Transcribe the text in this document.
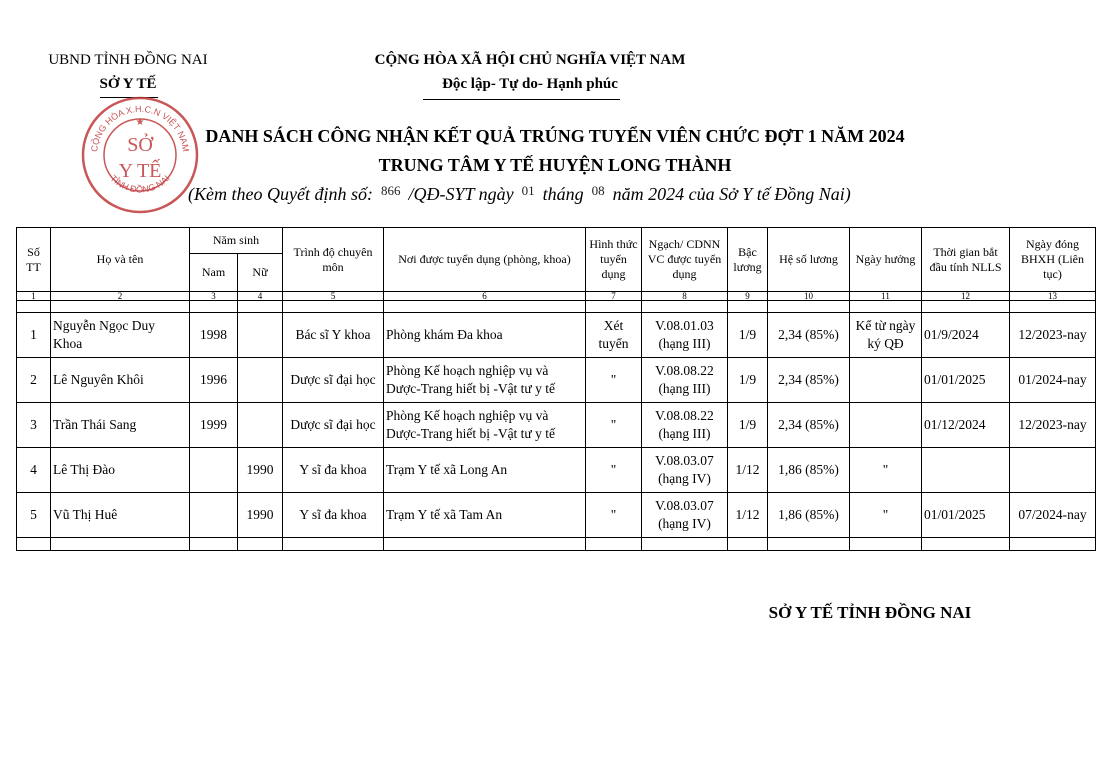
UBND TỈNH ĐỒNG NAI
SỞ Y TẾ
CỘNG HÒA XÃ HỘI CHỦ NGHĨA VIỆT NAM
Độc lập- Tự do- Hạnh phúc
CỘNG HÒA X.H.C.N VIỆT NAM
TỈNH ĐỒNG NAI
SỞ
Y TẾ
★
DANH SÁCH CÔNG NHẬN KẾT QUẢ TRÚNG TUYỂN VIÊN CHỨC ĐỢT 1 NĂM 2024
TRUNG TÂM Y TẾ HUYỆN LONG THÀNH
(Kèm theo Quyết định số: $^{866}$ /QĐ-SYT ngày $^{01}$ tháng $^{08}$ năm 2024 của Sở Y tế Đồng Nai)
Số TT	Họ và tên	Năm sinh		Trình độ chuyên môn	Nơi được tuyển dụng (phòng, khoa)	Hình thức tuyển dụng	Ngạch/ CDNN VC được tuyển dụng	Bậc lương	Hệ số lương	Ngày hưởng	Thời gian bắt đầu tính NLLS	Ngày đóng BHXH (Liên tục)
		Nam	Nữ									
1	2	3	4	5	6	7	8	9	10	11	12	13

1	Nguyễn Ngọc Duy Khoa	1998		Bác sĩ Y khoa	Phòng khám Đa khoa	Xét tuyển	V.08.01.03 (hạng III)	1/9	2,34 (85%)	Kể từ ngày ký QĐ	01/9/2024	12/2023-nay
2	Lê Nguyên Khôi	1996		Dược sĩ đại học	Phòng Kế hoạch nghiệp vụ và Dược-Trang hiết bị -Vật tư y tế	"	V.08.08.22 (hạng III)	1/9	2,34 (85%)		01/01/2025	01/2024-nay
3	Trần Thái Sang	1999		Dược sĩ đại học	Phòng Kế hoạch nghiệp vụ và Dược-Trang hiết bị -Vật tư y tế	"	V.08.08.22 (hạng III)	1/9	2,34 (85%)		01/12/2024	12/2023-nay
4	Lê Thị Đào		1990	Y sĩ đa khoa	Trạm Y tế xã Long An	"	V.08.03.07 (hạng IV)	1/12	1,86 (85%)	"		
5	Vũ Thị Huê		1990	Y sĩ đa khoa	Trạm Y tế xã Tam An	"	V.08.03.07 (hạng IV)	1/12	1,86 (85%)	"	01/01/2025	07/2024-nay

SỞ Y TẾ TỈNH ĐỒNG NAI
